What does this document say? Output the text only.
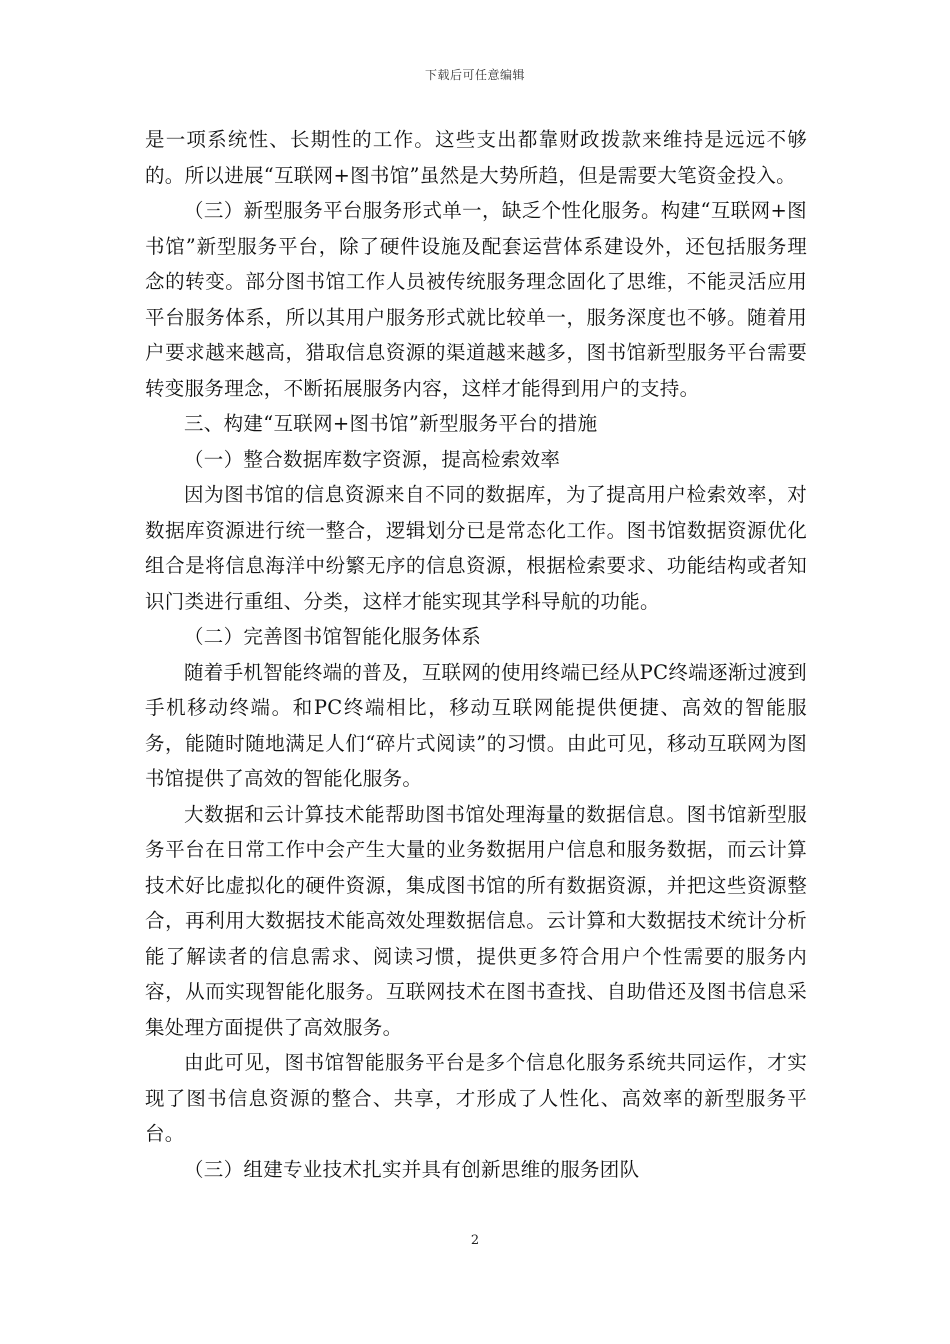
下载后可任意编辑

是一项系统性、长期性的工作。这些支出都靠财政拨款来维持是远远不够的。所以进展“互联网+图书馆”虽然是大势所趋，但是需要大笔资金投入。

（三）新型服务平台服务形式单一，缺乏个性化服务。构建“互联网+图书馆”新型服务平台，除了硬件设施及配套运营体系建设外，还包括服务理念的转变。部分图书馆工作人员被传统服务理念固化了思维，不能灵活应用平台服务体系，所以其用户服务形式就比较单一，服务深度也不够。随着用户要求越来越高，猎取信息资源的渠道越来越多，图书馆新型服务平台需要转变服务理念，不断拓展服务内容，这样才能得到用户的支持。

三、构建“互联网+图书馆”新型服务平台的措施

（一）整合数据库数字资源，提高检索效率

因为图书馆的信息资源来自不同的数据库，为了提高用户检索效率，对数据库资源进行统一整合，逻辑划分已是常态化工作。图书馆数据资源优化组合是将信息海洋中纷繁无序的信息资源，根据检索要求、功能结构或者知识门类进行重组、分类，这样才能实现其学科导航的功能。

（二）完善图书馆智能化服务体系

随着手机智能终端的普及，互联网的使用终端已经从PC终端逐渐过渡到手机移动终端。和PC终端相比，移动互联网能提供便捷、高效的智能服务，能随时随地满足人们“碎片式阅读”的习惯。由此可见，移动互联网为图书馆提供了高效的智能化服务。

大数据和云计算技术能帮助图书馆处理海量的数据信息。图书馆新型服务平台在日常工作中会产生大量的业务数据用户信息和服务数据，而云计算技术好比虚拟化的硬件资源，集成图书馆的所有数据资源，并把这些资源整合，再利用大数据技术能高效处理数据信息。云计算和大数据技术统计分析能了解读者的信息需求、阅读习惯，提供更多符合用户个性需要的服务内容，从而实现智能化服务。互联网技术在图书查找、自助借还及图书信息采集处理方面提供了高效服务。

由此可见，图书馆智能服务平台是多个信息化服务系统共同运作，才实现了图书信息资源的整合、共享，才形成了人性化、高效率的新型服务平台。

（三）组建专业技术扎实并具有创新思维的服务团队

2
